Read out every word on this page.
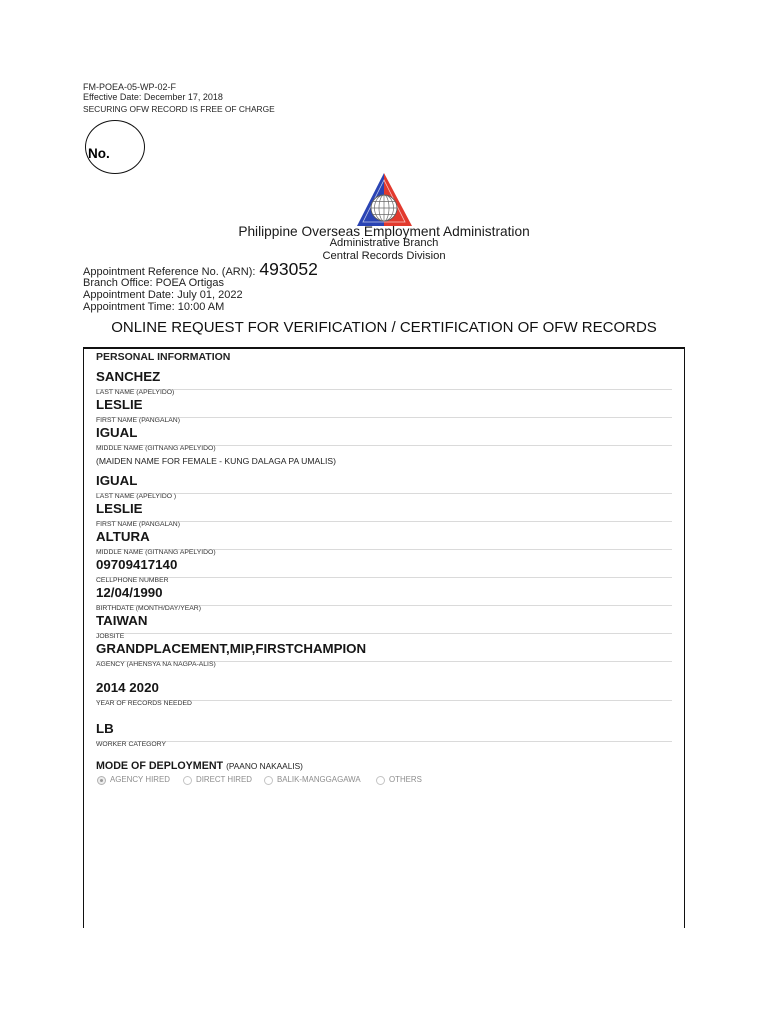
FM-POEA-05-WP-02-F
Effective Date: December 17, 2018
SECURING OFW RECORD IS FREE OF CHARGE
No.
Philippine Overseas Employment Administration
Administrative Branch
Central Records Division
Appointment Reference No. (ARN): 493052
Branch Office: POEA Ortigas
Appointment Date: July 01, 2022
Appointment Time: 10:00 AM
ONLINE REQUEST FOR VERIFICATION / CERTIFICATION OF OFW RECORDS
PERSONAL INFORMATION
SANCHEZ
LAST NAME (APELYIDO)
LESLIE
FIRST NAME (PANGALAN)
IGUAL
MIDDLE NAME (GITNANG APELYIDO)
(MAIDEN NAME FOR FEMALE - KUNG DALAGA PA UMALIS)
IGUAL
LAST NAME (APELYIDO )
LESLIE
FIRST NAME (PANGALAN)
ALTURA
MIDDLE NAME (GITNANG APELYIDO)
09709417140
CELLPHONE NUMBER
12/04/1990
BIRTHDATE (MONTH/DAY/YEAR)
TAIWAN
JOBSITE
GRANDPLACEMENT,MIP,FIRSTCHAMPION
AGENCY (AHENSYA NA NAGPA-ALIS)
2014 2020
YEAR OF RECORDS NEEDED
LB
WORKER CATEGORY
MODE OF DEPLOYMENT (PAANO NAKAALIS)
AGENCY HIRED	DIRECT HIRED	BALIK-MANGGAGAWA	OTHERS
